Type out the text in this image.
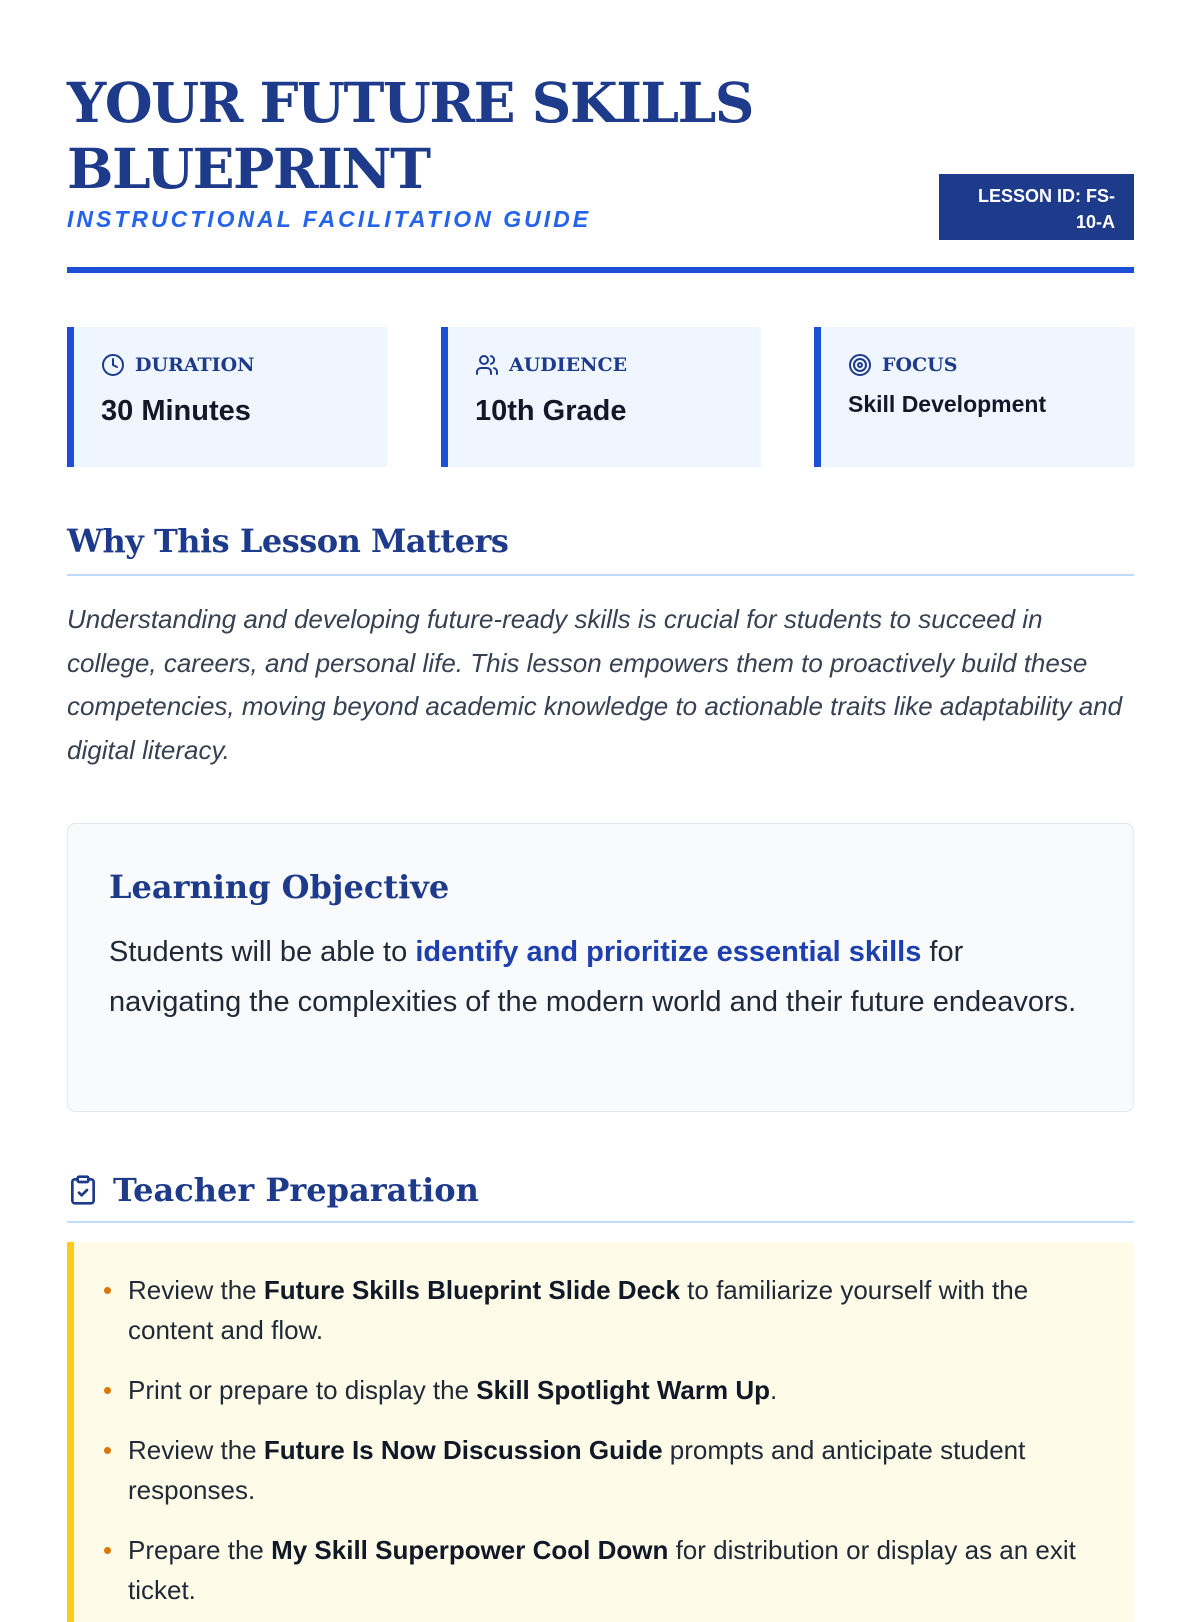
YOUR FUTURE SKILLS
BLUEPRINT
INSTRUCTIONAL FACILITATION GUIDE
LESSON ID: FS-
10-A
DURATION
30 Minutes
AUDIENCE
10th Grade
FOCUS
Skill Development
Why This Lesson Matters
Understanding and developing future-ready skills is crucial for students to succeed in college, careers, and personal life. This lesson empowers them to proactively build these competencies, moving beyond academic knowledge to actionable traits like adaptability and digital literacy.
Learning Objective
Students will be able to identify and prioritize essential skills for navigating the complexities of the modern world and their future endeavors.
Teacher Preparation
Review the Future Skills Blueprint Slide Deck to familiarize yourself with the content and flow.
Print or prepare to display the Skill Spotlight Warm Up.
Review the Future Is Now Discussion Guide prompts and anticipate student responses.
Prepare the My Skill Superpower Cool Down for distribution or display as an exit ticket.
